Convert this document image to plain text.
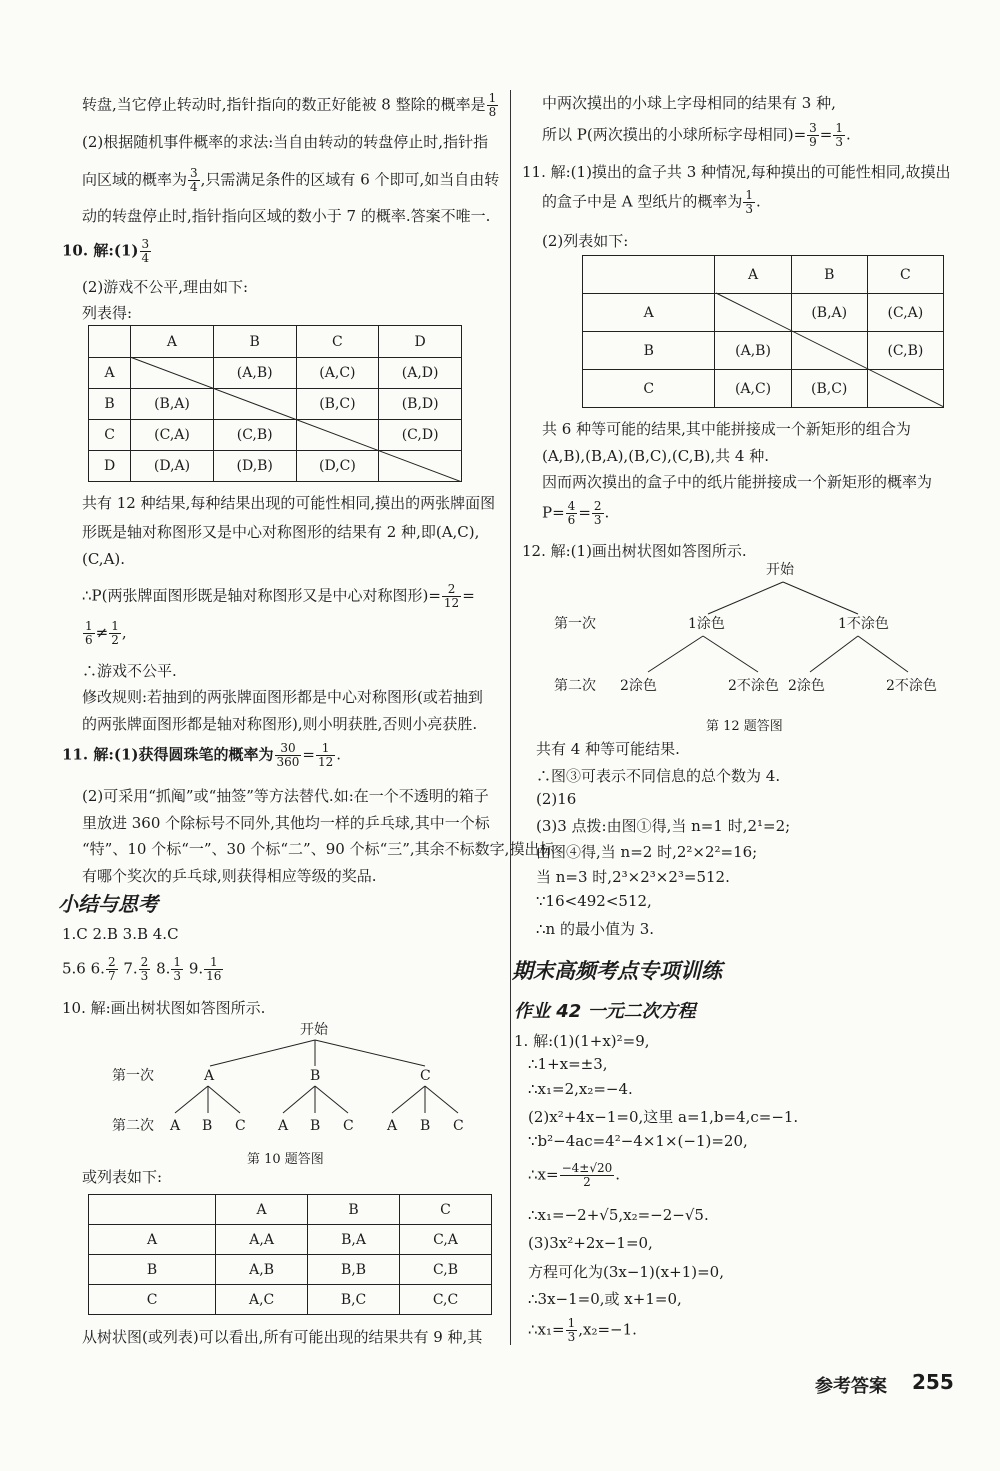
转盘,当它停止转动时,指针指向的数正好能被 8 整除的概率是 $\frac{1}{8}$
(2)根据随机事件概率的求法:当自由转动的转盘停止时,指针指
向区域的概率为 $\frac{3}{4}$ ,只需满足条件的区域有 6 个即可,如当自由转
动的转盘停止时,指针指向区域的数小于 7 的概率.答案不唯一.
10. 解:(1) $\frac{3}{4}$
(2)游戏不公平,理由如下:
列表得:
	A	B	C	D
A		(A,B)	(A,C)	(A,D)
B	(B,A)		(B,C)	(B,D)
C	(C,A)	(C,B)		(C,D)
D	(D,A)	(D,B)	(D,C)	
共有 12 种结果,每种结果出现的可能性相同,摸出的两张牌面图
形既是轴对称图形又是中心对称图形的结果有 2 种,即(A,C),
(C,A).
∴P(两张牌面图形既是轴对称图形又是中心对称图形)= $\frac{2}{12}$ =
$\frac{1}{6} \ne \frac{1}{2}$ ,
∴游戏不公平.
修改规则:若抽到的两张牌面图形都是中心对称图形(或若抽到
的两张牌面图形都是轴对称图形),则小明获胜,否则小亮获胜.
11. 解:(1)获得圆珠笔的概率为 $\frac{30}{360} = \frac{1}{12}$ .
(2)可采用“抓阄”或“抽签”等方法替代.如:在一个不透明的箱子
里放进 360 个除标号不同外,其他均一样的乒乓球,其中一个标
“特”、10 个标“一”、30 个标“二”、90 个标“三”,其余不标数字,摸出标
有哪个奖次的乒乓球,则获得相应等级的奖品.
小结与思考
1.C 2.B 3.B 4.C
5.6 6. $\frac{2}{7} 7$. $\frac{2}{3} 8$. $\frac{1}{3} 9$. $\frac{1}{16}$
10. 解:画出树状图如答图所示.
开始
第一次	A	B	C
第二次 A B C A B C A B C
第 10 题答图
或列表如下:
	A	B	C
A	A,A	B,A	C,A
B	A,B	B,B	C,B
C	A,C	B,C	C,C
从树状图(或列表)可以看出,所有可能出现的结果共有 9 种,其
中两次摸出的小球上字母相同的结果有 3 种,
所以 P(两次摸出的小球所标字母相同)= $\frac{3}{9} = \frac{1}{3}$ .
11. 解:(1)摸出的盒子共 3 种情况,每种摸出的可能性相同,故摸出
的盒子中是 A 型纸片的概率为 $\frac{1}{3}$ .
(2)列表如下:
	A	B	C
A		(B,A)	(C,A)
B	(A,B)		(C,B)
C	(A,C)	(B,C)	
共 6 种等可能的结果,其中能拼接成一个新矩形的组合为
(A,B),(B,A),(B,C),(C,B),共 4 种.
因而两次摸出的盒子中的纸片能拼接成一个新矩形的概率为
$P= \frac{4}{6} = \frac{2}{3}$ .
12. 解:(1)画出树状图如答图所示.
开始
第一次	1涂色	1不涂色
第二次 2涂色	2不涂色 2涂色	2不涂色
第 12 题答图
共有 4 种等可能结果.
∴图③可表示不同信息的总个数为 4.
(2)16
(3)3 点拨:由图①得,当 n=1 时,2¹=2;
由图④得,当 n=2 时,2²×2²=16;
当 n=3 时,2³×2³×2³=512.
∵16<492<512,
∴n 的最小值为 3.
期末高频考点专项训练
作业 42 一元二次方程
1. 解:(1)(1+x)²=9,
∴1+x=±3,
∴x₁=2,x₂=−4.
(2)x²+4x−1=0,这里 a=1,b=4,c=−1.
∵b²−4ac=4²−4×1×(−1)=20,
∴x= $\frac{-4\pm√20}{2}$ .
∴x₁=−2+√5,x₂=−2−√5.
(3)3x²+2x−1=0,
方程可化为(3x−1)(x+1)=0,
∴3x−1=0,或 x+1=0,
∴x₁= $\frac{1}{3} ,x_2=-1$.
参考答案 255
